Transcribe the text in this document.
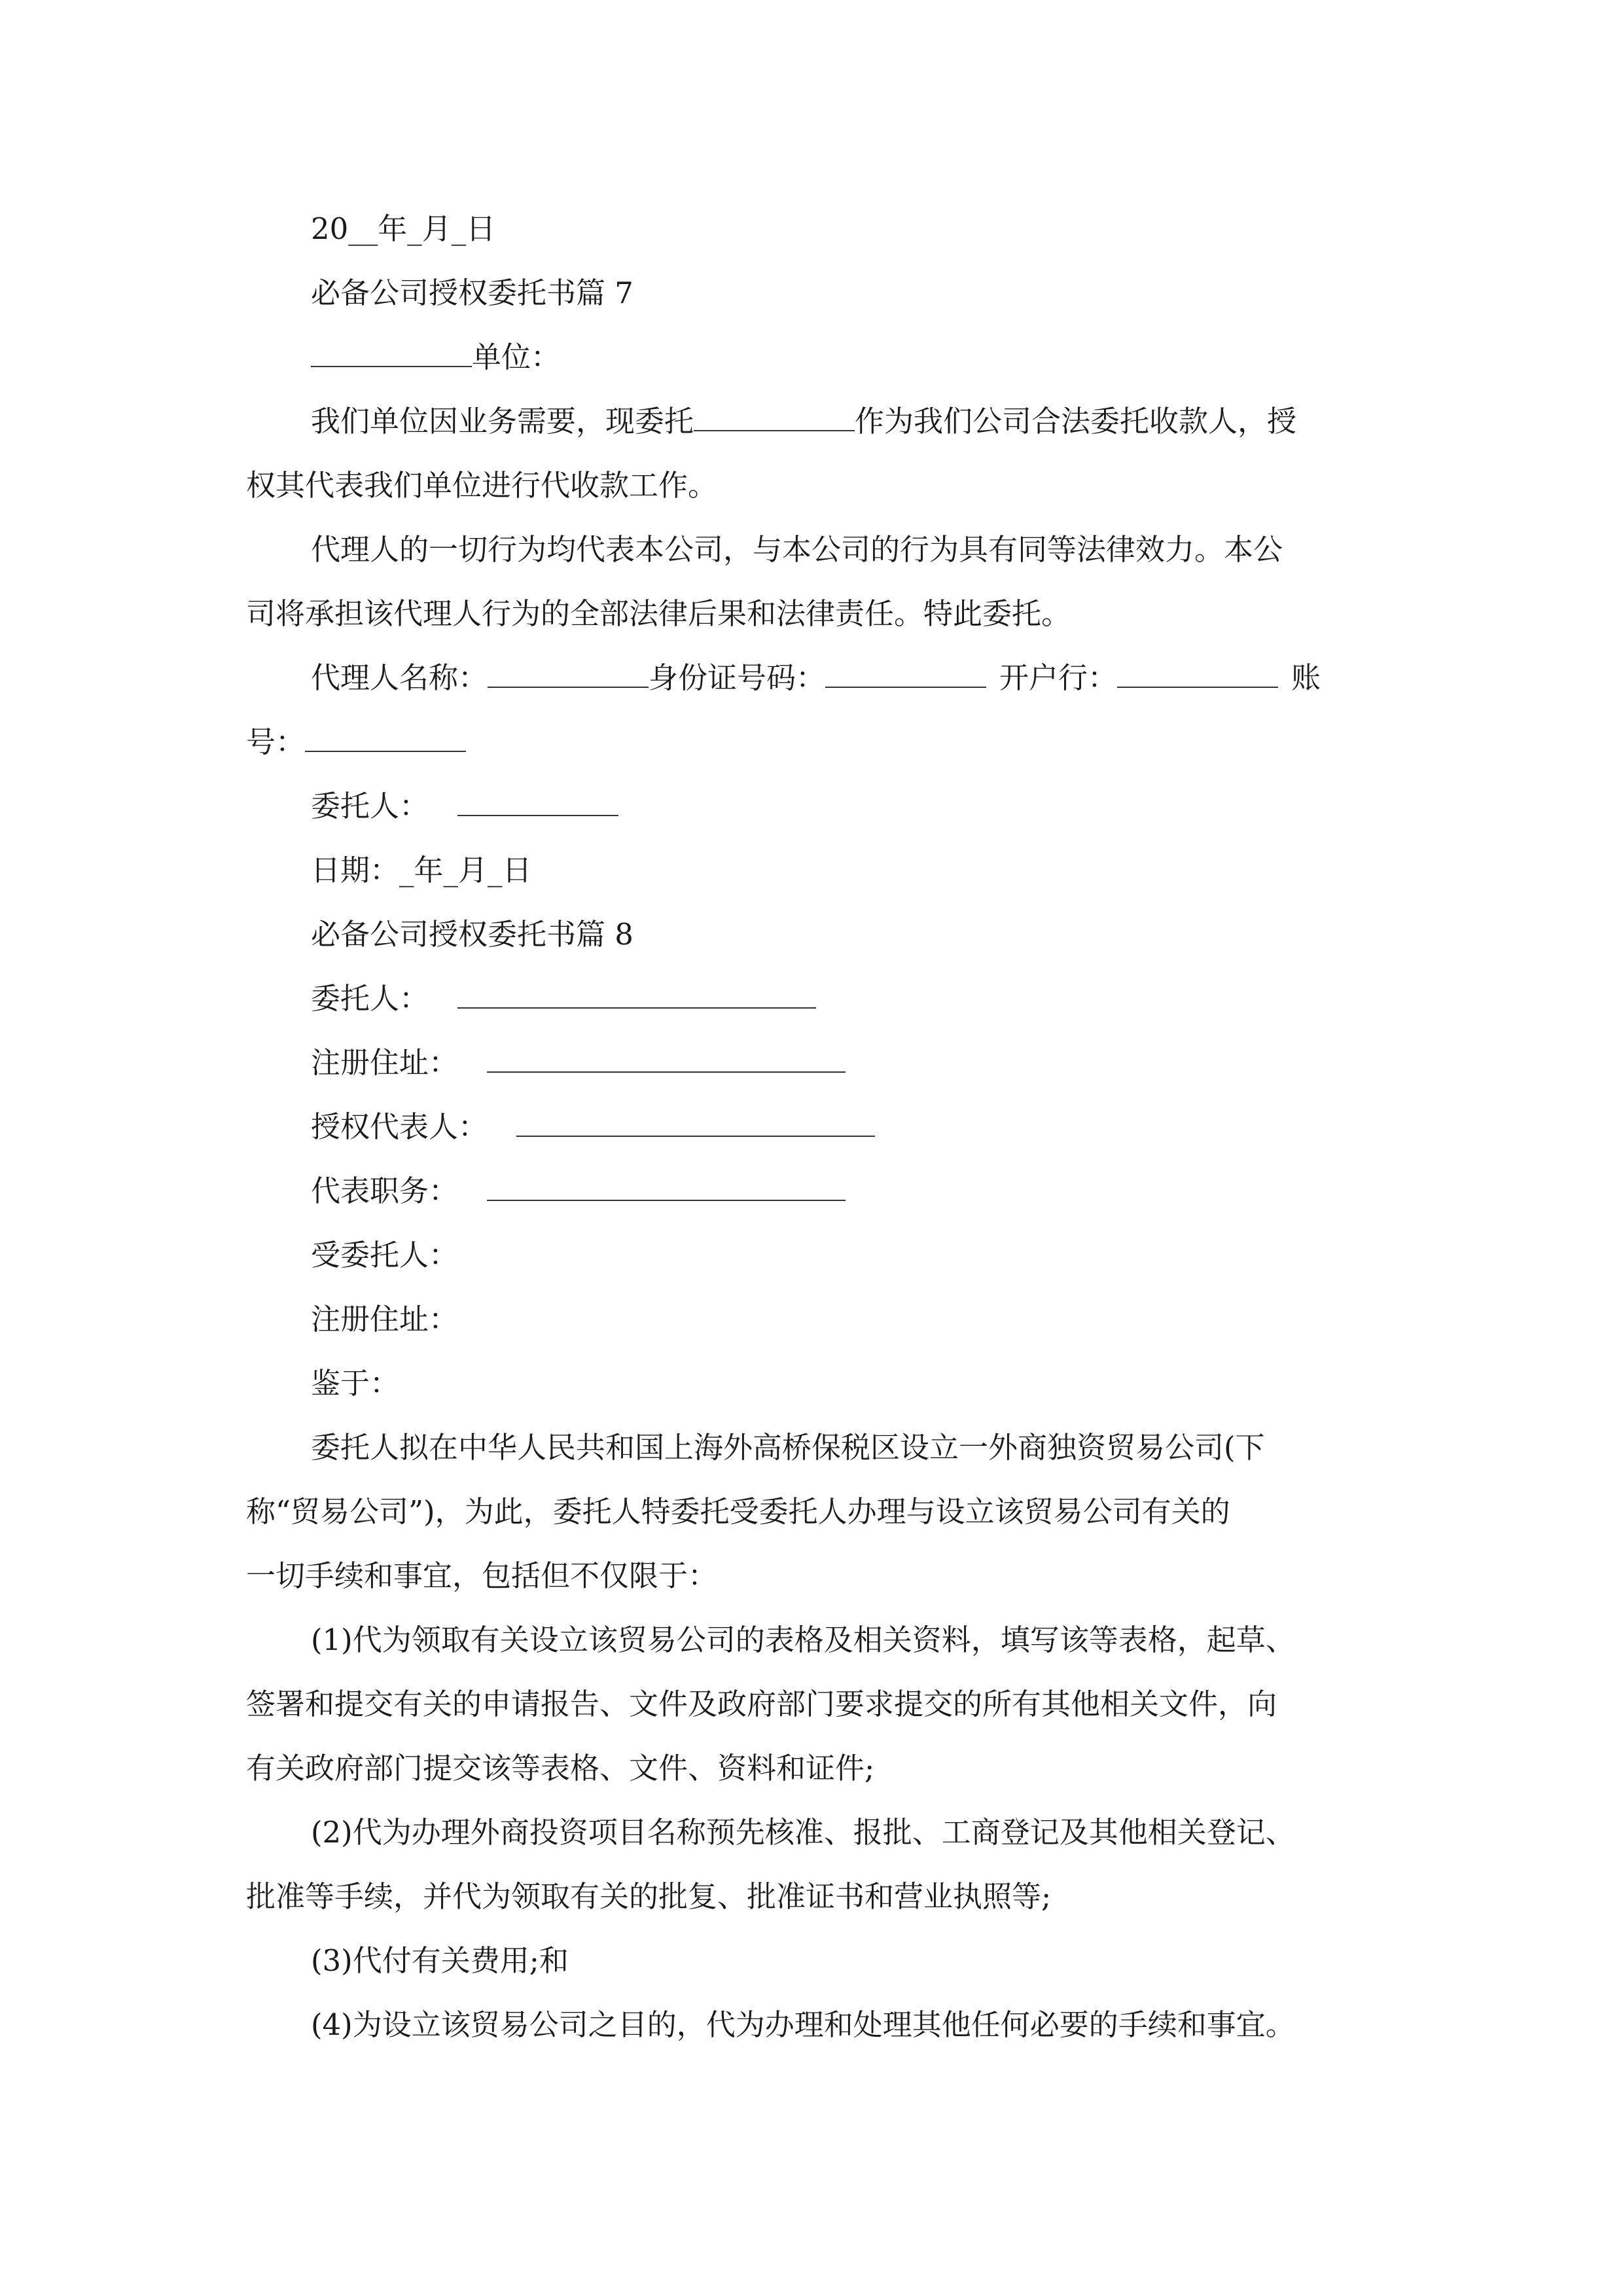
20__年_月_日

必备公司授权委托书篇 7

单位：

我们单位因业务需要，现委托	作为我们公司合法委托收款人，授

权其代表我们单位进行代收款工作。

代理人的一切行为均代表本公司，与本公司的行为具有同等法律效力。本公

司将承担该代理人行为的全部法律后果和法律责任。特此委托。

代理人名称：	身份证号码：	开户行：	账

号：

委托人：

日期：_年_月_日

必备公司授权委托书篇 8

委托人：

注册住址：

授权代表人：

代表职务：

受委托人：

注册住址：

鉴于：

委托人拟在中华人民共和国上海外高桥保税区设立一外商独资贸易公司(下

称“贸易公司”)，为此，委托人特委托受委托人办理与设立该贸易公司有关的

一切手续和事宜，包括但不仅限于：

(1)代为领取有关设立该贸易公司的表格及相关资料，填写该等表格，起草、

签署和提交有关的申请报告、文件及政府部门要求提交的所有其他相关文件，向

有关政府部门提交该等表格、文件、资料和证件;

(2)代为办理外商投资项目名称预先核准、报批、工商登记及其他相关登记、

批准等手续，并代为领取有关的批复、批准证书和营业执照等;

(3)代付有关费用;和

(4)为设立该贸易公司之目的，代为办理和处理其他任何必要的手续和事宜。
